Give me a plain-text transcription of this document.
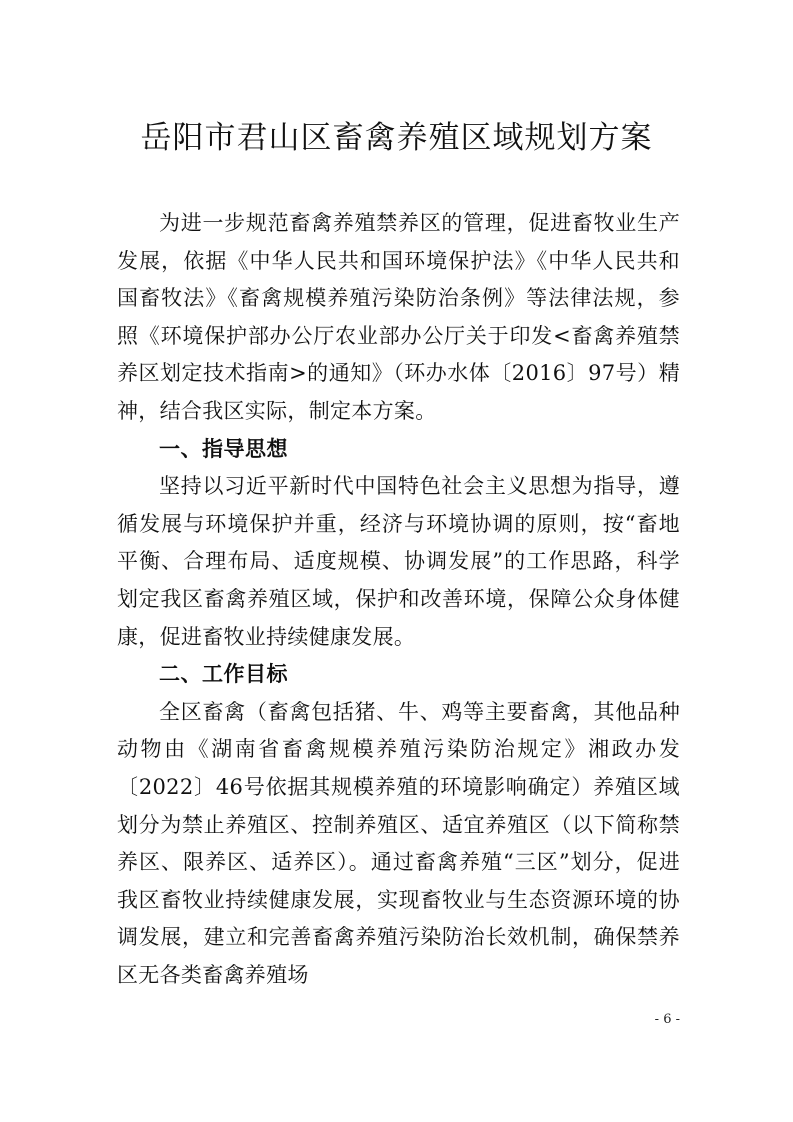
岳阳市君山区畜禽养殖区域规划方案

为进一步规范畜禽养殖禁养区的管理，促进畜牧业生产发展，依据《中华人民共和国环境保护法》《中华人民共和国畜牧法》《畜禽规模养殖污染防治条例》等法律法规，参照《环境保护部办公厅农业部办公厅关于印发<畜禽养殖禁养区划定技术指南>的通知》（环办水体〔2016〕97号）精神，结合我区实际，制定本方案。

一、指导思想

坚持以习近平新时代中国特色社会主义思想为指导，遵循发展与环境保护并重，经济与环境协调的原则，按“畜地平衡、合理布局、适度规模、协调发展”的工作思路，科学划定我区畜禽养殖区域，保护和改善环境，保障公众身体健康，促进畜牧业持续健康发展。

二、工作目标

全区畜禽（畜禽包括猪、牛、鸡等主要畜禽，其他品种动物由《湖南省畜禽规模养殖污染防治规定》湘政办发〔2022〕46号依据其规模养殖的环境影响确定）养殖区域划分为禁止养殖区、控制养殖区、适宜养殖区（以下简称禁养区、限养区、适养区）。通过畜禽养殖“三区”划分，促进我区畜牧业持续健康发展，实现畜牧业与生态资源环境的协调发展，建立和完善畜禽养殖污染防治长效机制，确保禁养区无各类畜禽养殖场

- 6 -
